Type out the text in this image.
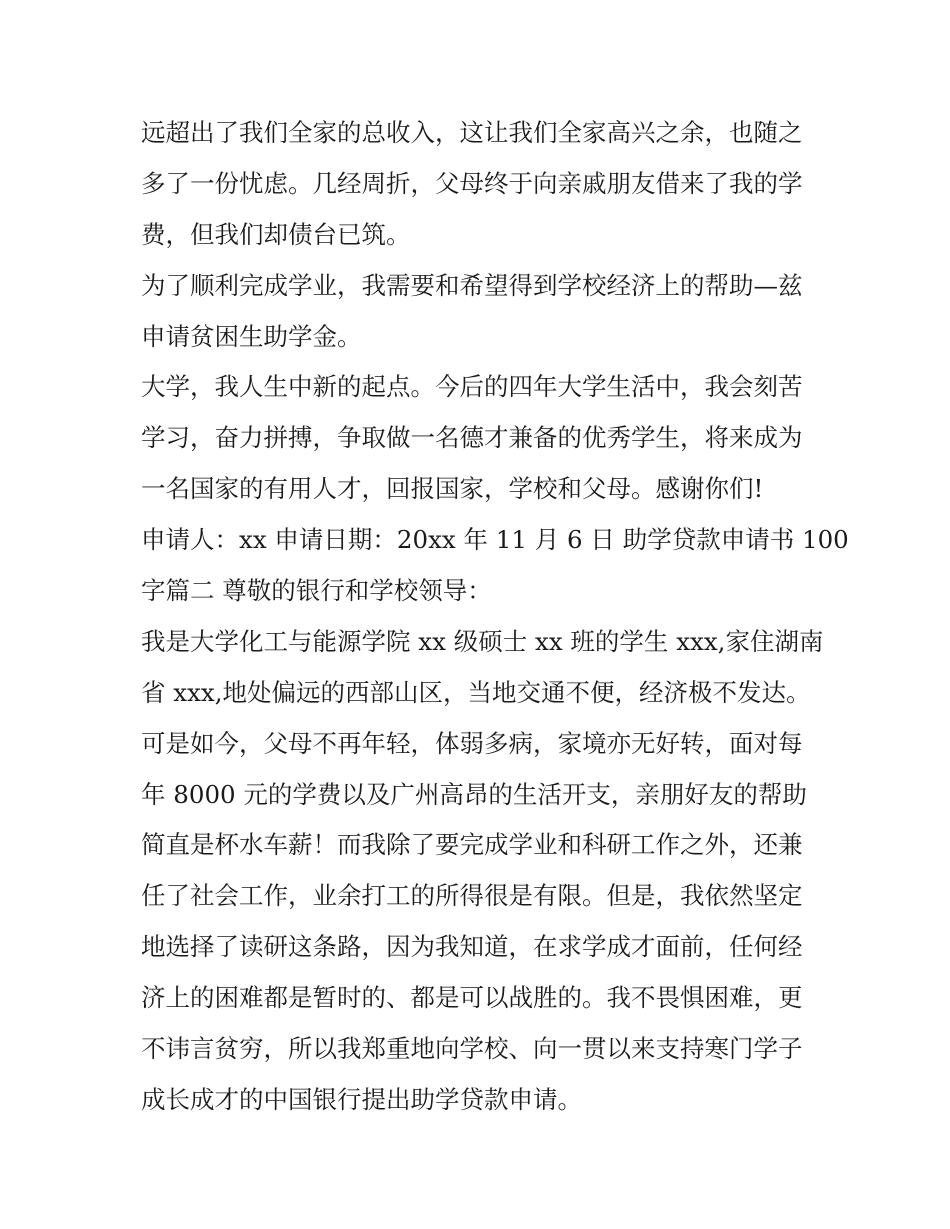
远超出了我们全家的总收入，这让我们全家高兴之余，也随之
多了一份忧虑。几经周折，父母终于向亲戚朋友借来了我的学
费，但我们却债台已筑。
为了顺利完成学业，我需要和希望得到学校经济上的帮助—兹
申请贫困生助学金。
大学，我人生中新的起点。今后的四年大学生活中，我会刻苦
学习，奋力拼搏，争取做一名德才兼备的优秀学生，将来成为
一名国家的有用人才，回报国家，学校和父母。感谢你们!
申请人：xx 申请日期：20xx 年 11 月 6 日 助学贷款申请书 100
字篇二 尊敬的银行和学校领导：
我是大学化工与能源学院 xx 级硕士 xx 班的学生 xxx,家住湖南
省 xxx,地处偏远的西部山区，当地交通不便，经济极不发达。
可是如今，父母不再年轻，体弱多病，家境亦无好转，面对每
年 8000 元的学费以及广州高昂的生活开支，亲朋好友的帮助
简直是杯水车薪！而我除了要完成学业和科研工作之外，还兼
任了社会工作，业余打工的所得很是有限。但是，我依然坚定
地选择了读研这条路，因为我知道，在求学成才面前，任何经
济上的困难都是暂时的、都是可以战胜的。我不畏惧困难，更
不讳言贫穷，所以我郑重地向学校、向一贯以来支持寒门学子
成长成才的中国银行提出助学贷款申请。
